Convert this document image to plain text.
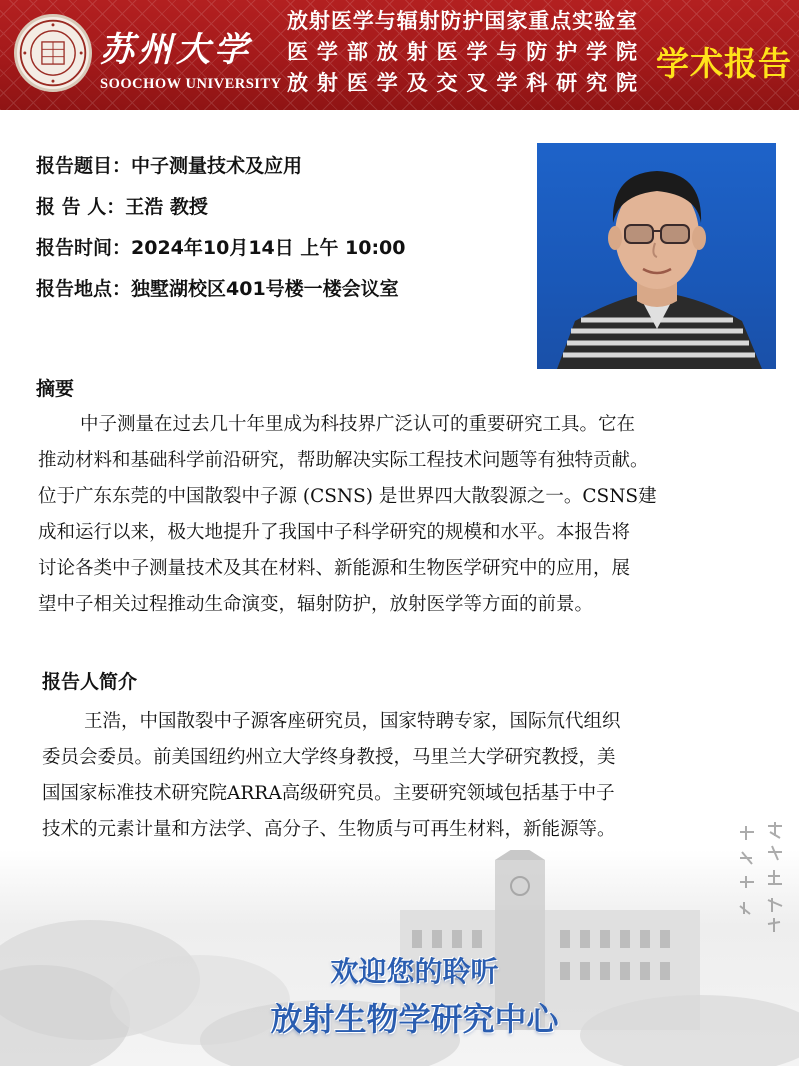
苏州大学
SOOCHOW UNIVERSITY
放射医学与辐射防护国家重点实验室
医学部放射医学与防护学院
放射医学及交叉学科研究院 学术报告
报告题目：中子测量技术及应用
报 告 人：王浩 教授
报告时间：2024年10月14日 上午 10:00
报告地点：独墅湖校区401号楼一楼会议室
摘要

中子测量在过去几十年里成为科技界广泛认可的重要研究工具。它在

推动材料和基础科学前沿研究，帮助解决实际工程技术问题等有独特贡献。

位于广东东莞的中国散裂中子源 (CSNS) 是世界四大散裂源之一。CSNS建

成和运行以来，极大地提升了我国中子科学研究的规模和水平。本报告将

讨论各类中子测量技术及其在材料、新能源和生物医学研究中的应用，展

望中子相关过程推动生命演变，辐射防护，放射医学等方面的前景。

报告人简介

王浩，中国散裂中子源客座研究员，国家特聘专家，国际氘代组织

委员会委员。前美国纽约州立大学终身教授，马里兰大学研究教授，美

国国家标准技术研究院ARRA高级研究员。主要研究领域包括基于中子

技术的元素计量和方法学、高分子、生物质与可再生材料，新能源等。

欢迎您的聆听
放射生物学研究中心
